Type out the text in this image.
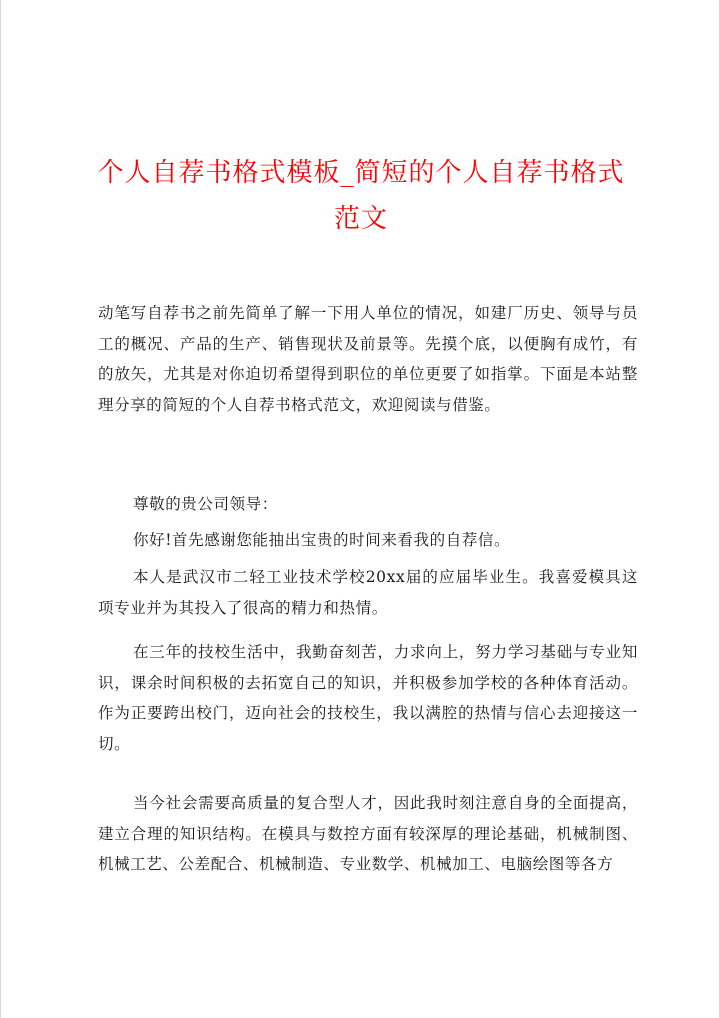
个人自荐书格式模板_简短的个人自荐书格式
范文
动笔写自荐书之前先简单了解一下用人单位的情况，如建厂历史、领导与员工的概况、产品的生产、销售现状及前景等。先摸个底，以便胸有成竹，有的放矢，尤其是对你迫切希望得到职位的单位更要了如指掌。下面是本站整理分享的简短的个人自荐书格式范文，欢迎阅读与借鉴。
尊敬的贵公司领导：
你好!首先感谢您能抽出宝贵的时间来看我的自荐信。
本人是武汉市二轻工业技术学校20xx届的应届毕业生。我喜爱模具这项专业并为其投入了很高的精力和热情。
在三年的技校生活中，我勤奋刻苦，力求向上，努力学习基础与专业知识，课余时间积极的去拓宽自己的知识，并积极参加学校的各种体育活动。作为正要跨出校门，迈向社会的技校生，我以满腔的热情与信心去迎接这一切。
当今社会需要高质量的复合型人才，因此我时刻注意自身的全面提高，建立合理的知识结构。在模具与数控方面有较深厚的理论基础，机械制图、机械工艺、公差配合、机械制造、专业数学、机械加工、电脑绘图等各方
